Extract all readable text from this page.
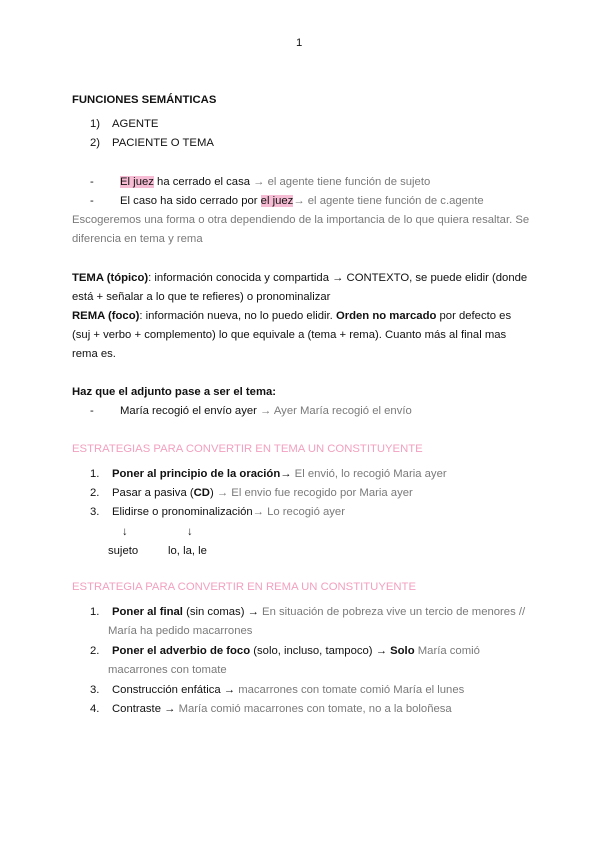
1
FUNCIONES SEMÁNTICAS
1) AGENTE
2) PACIENTE O TEMA
- El juez ha cerrado el casa → el agente tiene función de sujeto
- El caso ha sido cerrado por el juez→ el agente tiene función de c.agente
Escogeremos una forma o otra dependiendo de la importancia de lo que quiera resaltar. Se
diferencia en tema y rema
TEMA (tópico): información conocida y compartida → CONTEXTO, se puede elidir (donde
está + señalar a lo que te refieres) o pronominalizar
REMA (foco): información nueva, no lo puedo elidir. Orden no marcado por defecto es
(suj + verbo + complemento) lo que equivale a (tema + rema). Cuanto más al final mas
rema es.
Haz que el adjunto pase a ser el tema:
- María recogió el envío ayer → Ayer María recogió el envío
ESTRATEGIAS PARA CONVERTIR EN TEMA UN CONSTITUYENTE
1. Poner al principio de la oración→ El envió, lo recogió Maria ayer
2. Pasar a pasiva (CD) → El envio fue recogido por Maria ayer
3. Elidirse o pronominalización→ Lo recogió ayer
↓	↓
sujeto	lo, la, le
ESTRATEGIA PARA CONVERTIR EN REMA UN CONSTITUYENTE
1. Poner al final (sin comas) → En situación de pobreza vive un tercio de menores //
María ha pedido macarrones
2. Poner el adverbio de foco (solo, incluso, tampoco) → Solo María comió
macarrones con tomate
3. Construcción enfática → macarrones con tomate comió María el lunes
4. Contraste → María comió macarrones con tomate, no a la boloñesa
